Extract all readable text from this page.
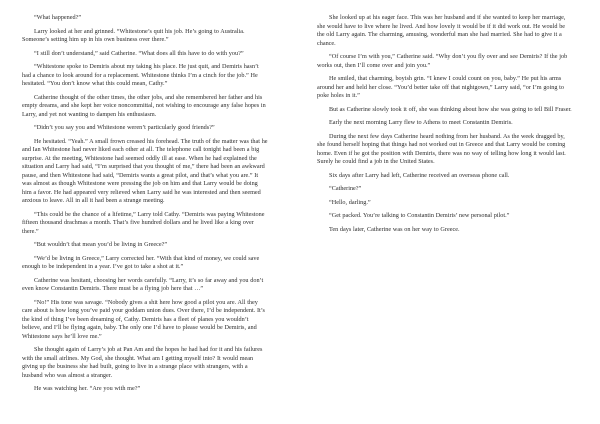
“What happened?”

Larry looked at her and grinned. “Whitestone’s quit his job. He’s going to Australia. Someone’s setting him up in his own business over there.”

“I still don’t understand,” said Catherine. “What does all this have to do with you?”

“Whitestone spoke to Demiris about my taking his place. He just quit, and Demiris hasn’t had a chance to look around for a replacement. Whitestone thinks I’m a cinch for the job.” He hesitated. “You don’t know what this could mean, Cathy.”

Catherine thought of the other times, the other jobs, and she remembered her father and his empty dreams, and she kept her voice noncommittal, not wishing to encourage any false hopes in Larry, and yet not wanting to dampen his enthusiasm.

“Didn’t you say you and Whitestone weren’t particularly good friends?”

He hesitated. “Yeah.” A small frown creased his forehead. The truth of the matter was that he and Ian Whitestone had never liked each other at all. The telephone call tonight had been a big surprise. At the meeting, Whitestone had seemed oddly ill at ease. When he had explained the situation and Larry had said, “I’m surprised that you thought of me,” there had been an awkward pause, and then Whitestone had said, “Demiris wants a great pilot, and that’s what you are.” It was almost as though Whitestone were pressing the job on him and that Larry would be doing him a favor. He had appeared very relieved when Larry said he was interested and then seemed anxious to leave. All in all it had been a strange meeting.

“This could be the chance of a lifetime,” Larry told Cathy. “Demiris was paying Whitestone fifteen thousand drachmas a month. That’s five hundred dollars and he lived like a king over there.”

“But wouldn’t that mean you’d be living in Greece?”

“We’d be living in Greece,” Larry corrected her. “With that kind of money, we could save enough to be independent in a year. I’ve got to take a shot at it.”

Catherine was hesitant, choosing her words carefully. “Larry, it’s so far away and you don’t even know Constantin Demiris. There must be a flying job here that …”

“No!” His tone was savage. “Nobody gives a shit here how good a pilot you are. All they care about is how long you’ve paid your goddam union dues. Over there, I’d be independent. It’s the kind of thing I’ve been dreaming of, Cathy. Demiris has a fleet of planes you wouldn’t believe, and I’ll be flying again, baby. The only one I’d have to please would be Demiris, and Whitestone says he’ll love me.”

She thought again of Larry’s job at Pan Am and the hopes he had had for it and his failures with the small airlines. My God, she thought. What am I getting myself into? It would mean giving up the business she had built, going to live in a strange place with strangers, with a husband who was almost a stranger.

He was watching her. “Are you with me?”

She looked up at his eager face. This was her husband and if she wanted to keep her marriage, she would have to live where he lived. And how lovely it would be if it did work out. He would be the old Larry again. The charming, amusing, wonderful man she had married. She had to give it a chance.

“Of course I’m with you,” Catherine said. “Why don’t you fly over and see Demiris? If the job works out, then I’ll come over and join you.”

He smiled, that charming, boyish grin. “I knew I could count on you, baby.” He put his arms around her and held her close. “You’d better take off that nightgown,” Larry said, “or I’m going to poke holes in it.”

But as Catherine slowly took it off, she was thinking about how she was going to tell Bill Fraser.

Early the next morning Larry flew to Athens to meet Constantin Demiris.

During the next few days Catherine heard nothing from her husband. As the week dragged by, she found herself hoping that things had not worked out in Greece and that Larry would be coming home. Even if he got the position with Demiris, there was no way of telling how long it would last. Surely he could find a job in the United States.

Six days after Larry had left, Catherine received an overseas phone call.

“Catherine?”

“Hello, darling.”

“Get packed. You’re talking to Constantin Demiris’ new personal pilot.”

Ten days later, Catherine was on her way to Greece.
